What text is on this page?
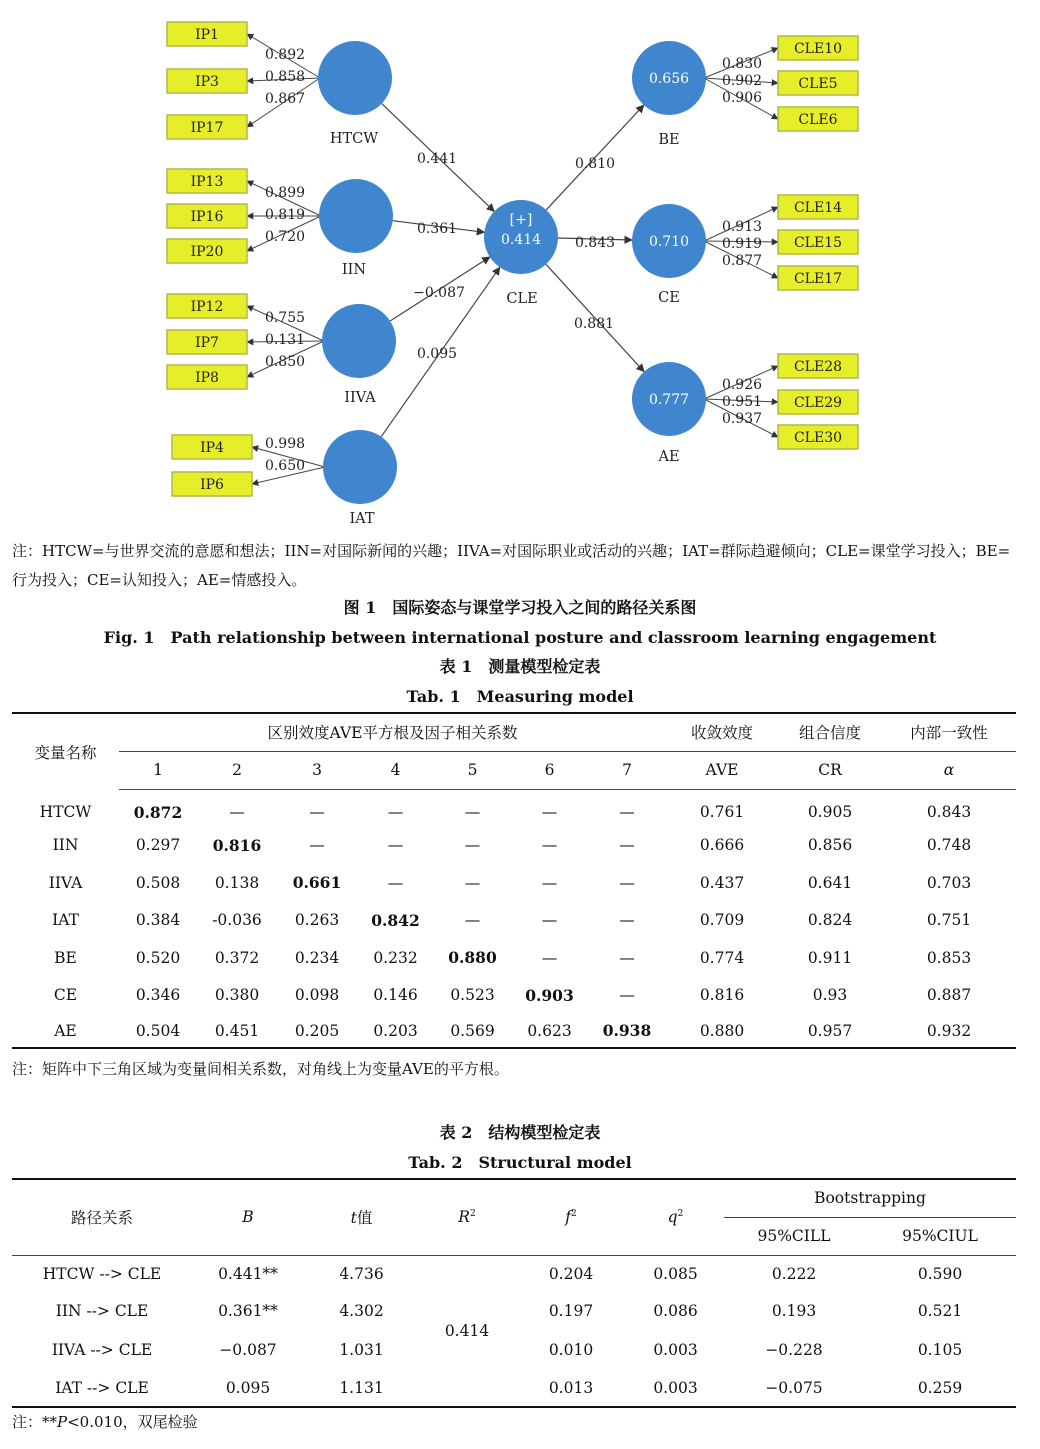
IP1
IP3
IP17
IP13
IP16
IP20
IP12
IP7
IP8
IP4
IP6
CLE10
CLE5
CLE6
CLE14
CLE15
CLE17
CLE28
CLE29
CLE30
[+]
0.414
0.656
0.710
0.777
0.441
0.361
−0.087
0.095
0.810
0.843
0.881
0.892
0.858
0.867
0.899
0.819
0.720
0.755
0.131
0.850
0.998
0.650
0.830
0.902
0.906
0.913
0.919
0.877
0.926
0.951
0.937
HTCW
IIN
IIVA
IAT
CLE
BE
CE
AE
注：HTCW=与世界交流的意愿和想法；IIN=对国际新闻的兴趣；IIVA=对国际职业或活动的兴趣；IAT=群际趋避倾向；CLE=课堂学习投入；BE=行为投入；CE=认知投入；AE=情感投入。
图 1　国际姿态与课堂学习投入之间的路径关系图
Fig. 1　Path relationship between international posture and classroom learning engagement
表 1　测量模型检定表
Tab. 1　Measuring model
变量名称	区别效度AVE平方根及因子相关系数							收敛效度	组合信度	内部一致性
	1	2	3	4	5	6	7	AVE	CR	α
HTCW	0.872	—	—	—	—	—	—	0.761	0.905	0.843
IIN	0.297	0.816	—	—	—	—	—	0.666	0.856	0.748
IIVA	0.508	0.138	0.661	—	—	—	—	0.437	0.641	0.703
IAT	0.384	-0.036	0.263	0.842	—	—	—	0.709	0.824	0.751
BE	0.520	0.372	0.234	0.232	0.880	—	—	0.774	0.911	0.853
CE	0.346	0.380	0.098	0.146	0.523	0.903	—	0.816	0.93	0.887
AE	0.504	0.451	0.205	0.203	0.569	0.623	0.938	0.880	0.957	0.932
注：矩阵中下三角区域为变量间相关系数，对角线上为变量AVE的平方根。
表 2　结构模型检定表
Tab. 2　Structural model
路径关系	B	t值	$R^2$	$f^2$	$q^2$	Bootstrapping	
						95%CILL	95%CIUL
HTCW --> CLE	0.441**	4.736	0.414	0.204	0.085	0.222	0.590
IIN --> CLE	0.361**	4.302		0.197	0.086	0.193	0.521
IIVA --> CLE	−0.087	1.031		0.010	0.003	−0.228	0.105
IAT --> CLE	0.095	1.131		0.013	0.003	−0.075	0.259
注：**P<0.010，双尾检验
